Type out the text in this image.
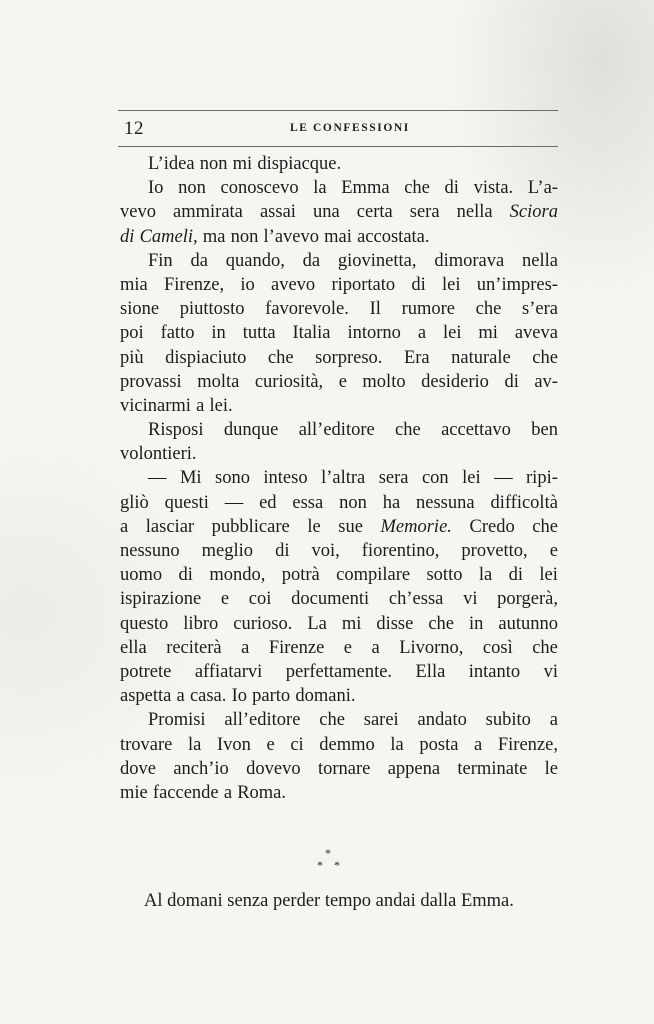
12	LE CONFESSIONI
L’idea non mi dispiacque.
Io non conoscevo la Emma che di vista. L’a-
vevo ammirata assai una certa sera nella Sciora
di Cameli, ma non l’avevo mai accostata.
Fin da quando, da giovinetta, dimorava nella
mia Firenze, io avevo riportato di lei un’impres-
sione piuttosto favorevole. Il rumore che s’era
poi fatto in tutta Italia intorno a lei mi aveva
più dispiaciuto che sorpreso. Era naturale che
provassi molta curiosità, e molto desiderio di av-
vicinarmi a lei.
Risposi dunque all’editore che accettavo ben
volontieri.
— Mi sono inteso l’altra sera con lei — ripi-
gliò questi — ed essa non ha nessuna difficoltà
a lasciar pubblicare le sue Memorie. Credo che
nessuno meglio di voi, fiorentino, provetto, e
uomo di mondo, potrà compilare sotto la di lei
ispirazione e coi documenti ch’essa vi porgerà,
questo libro curioso. La mi disse che in autunno
ella reciterà a Firenze e a Livorno, così che
potrete affiatarvi perfettamente. Ella intanto vi
aspetta a casa. Io parto domani.
Promisi all’editore che sarei andato subito a
trovare la Ivon e ci demmo la posta a Firenze,
dove anch’io dovevo tornare appena terminate le
mie faccende a Roma.
*
* *
Al domani senza perder tempo andai dalla Emma.
